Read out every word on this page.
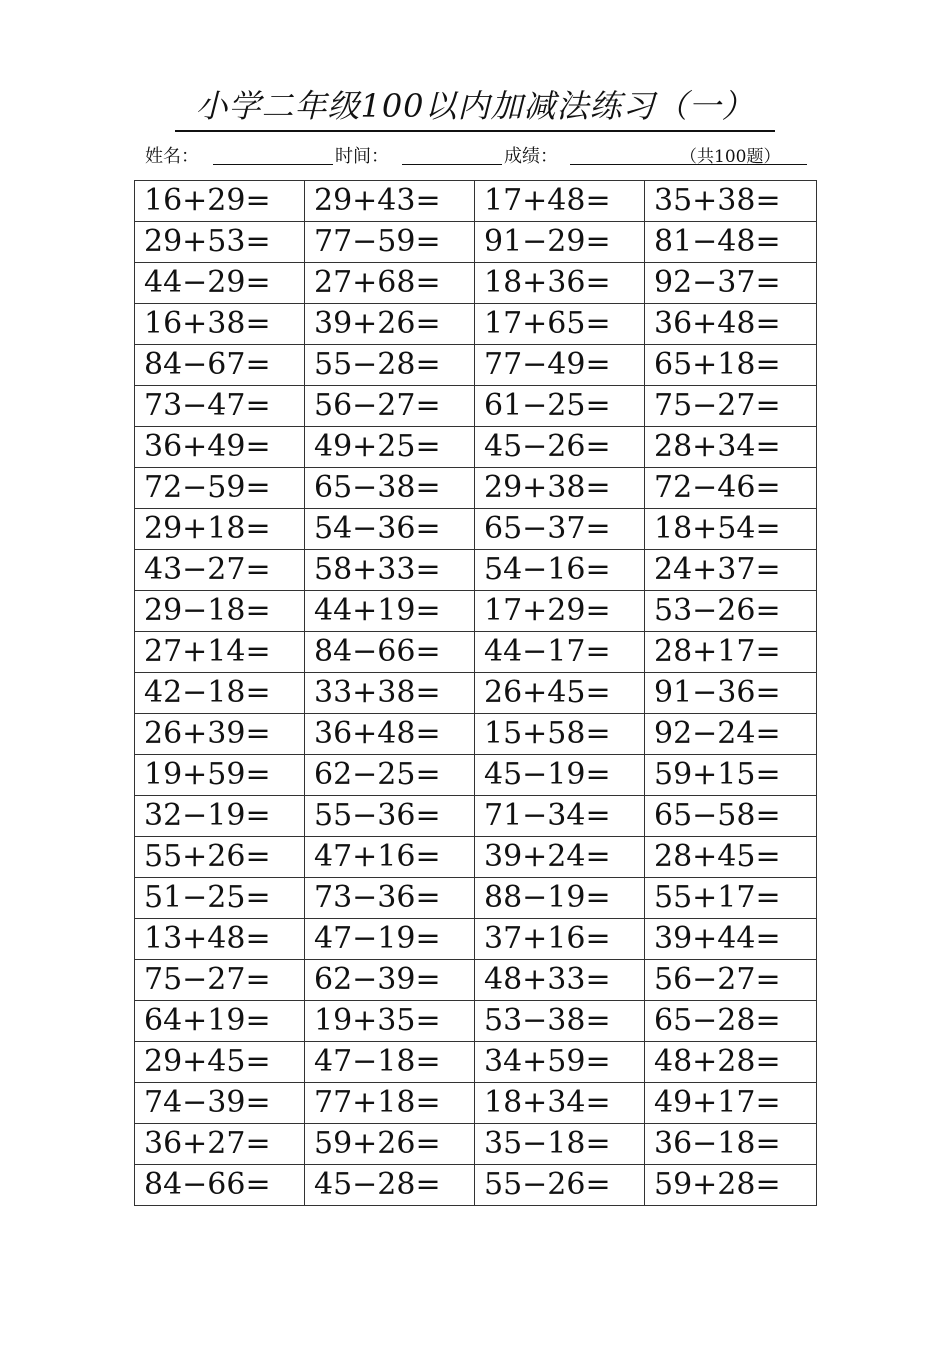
小学二年级100以内加减法练习（一）
姓名：	时间：	成绩：	（共100题）
16+29=	29+43=	17+48=	35+38=
29+53=	77−59=	91−29=	81−48=
44−29=	27+68=	18+36=	92−37=
16+38=	39+26=	17+65=	36+48=
84−67=	55−28=	77−49=	65+18=
73−47=	56−27=	61−25=	75−27=
36+49=	49+25=	45−26=	28+34=
72−59=	65−38=	29+38=	72−46=
29+18=	54−36=	65−37=	18+54=
43−27=	58+33=	54−16=	24+37=
29−18=	44+19=	17+29=	53−26=
27+14=	84−66=	44−17=	28+17=
42−18=	33+38=	26+45=	91−36=
26+39=	36+48=	15+58=	92−24=
19+59=	62−25=	45−19=	59+15=
32−19=	55−36=	71−34=	65−58=
55+26=	47+16=	39+24=	28+45=
51−25=	73−36=	88−19=	55+17=
13+48=	47−19=	37+16=	39+44=
75−27=	62−39=	48+33=	56−27=
64+19=	19+35=	53−38=	65−28=
29+45=	47−18=	34+59=	48+28=
74−39=	77+18=	18+34=	49+17=
36+27=	59+26=	35−18=	36−18=
84−66=	45−28=	55−26=	59+28=
